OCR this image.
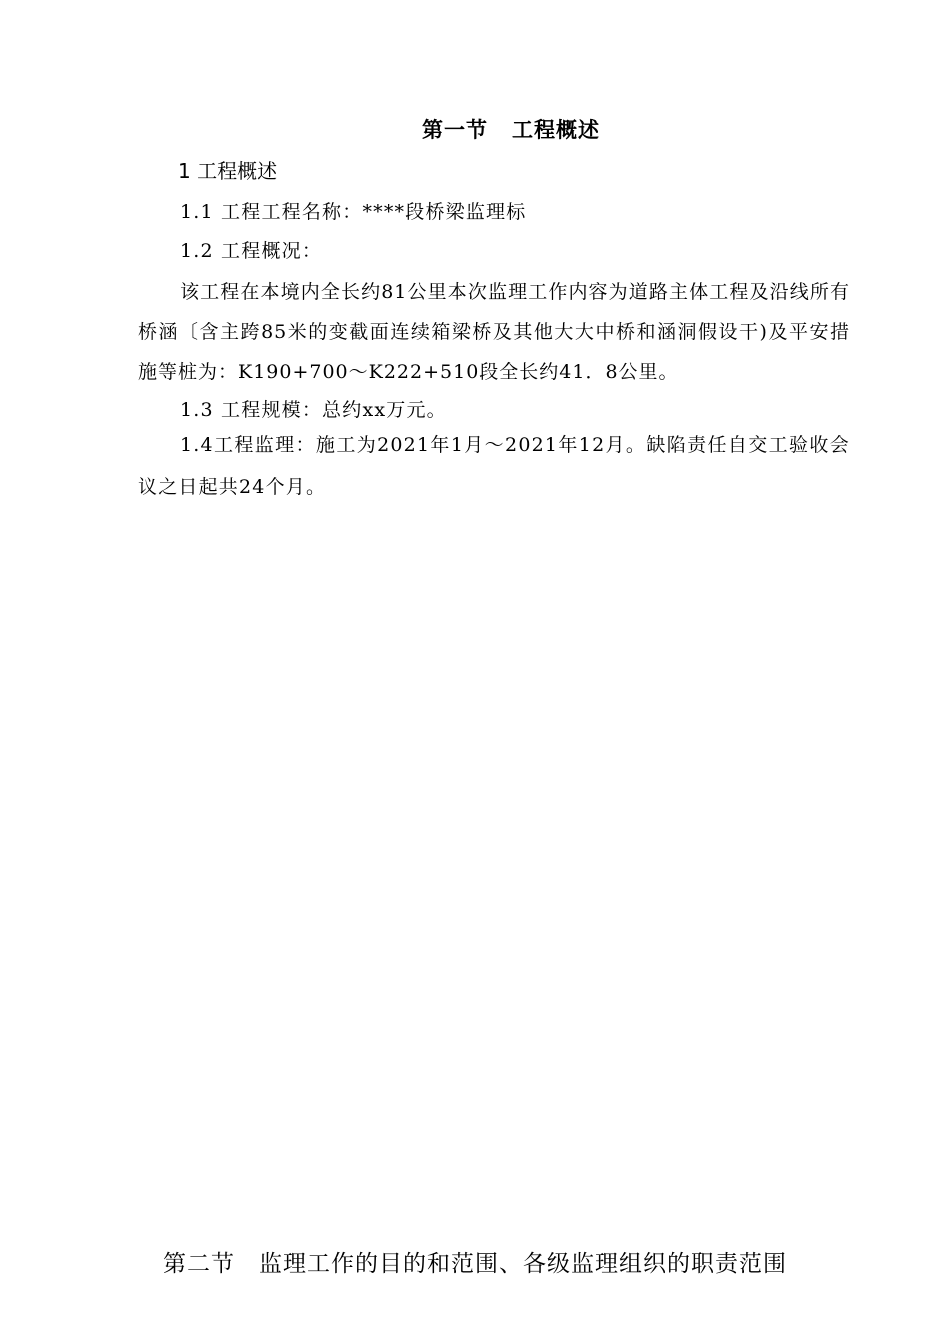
第一节 工程概述
1 工程概述
1.1 工程工程名称：****段桥梁监理标
1.2 工程概况：
该工程在本境内全长约81公里本次监理工作内容为道路主体工程及沿线所有桥涵〔含主跨85米的变截面连续箱梁桥及其他大大中桥和涵洞假设干)及平安措施等桩为：K190+700～K222+510段全长约41．8公里。
1.3 工程规模：总约xx万元。
1.4工程监理：施工为2021年1月～2021年12月。缺陷责任自交工验收会议之日起共24个月。
第二节 监理工作的目的和范围、各级监理组织的职责范围
